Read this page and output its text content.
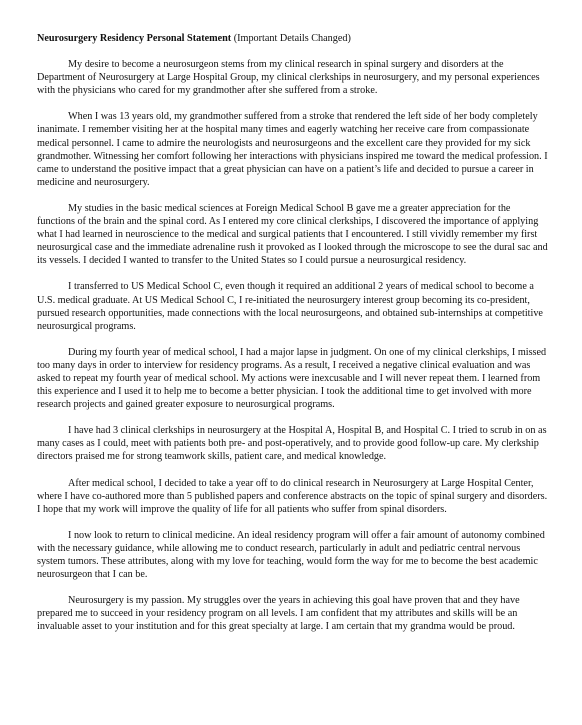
Neurosurgery Residency Personal Statement (Important Details Changed)

My desire to become a neurosurgeon stems from my clinical research in spinal surgery and disorders at the Department of Neurosurgery at Large Hospital Group, my clinical clerkships in neurosurgery, and my personal experiences with the physicians who cared for my grandmother after she suffered from a stroke.

When I was 13 years old, my grandmother suffered from a stroke that rendered the left side of her body completely inanimate. I remember visiting her at the hospital many times and eagerly watching her receive care from compassionate medical personnel. I came to admire the neurologists and neurosurgeons and the excellent care they provided for my sick grandmother. Witnessing her comfort following her interactions with physicians inspired me toward the medical profession. I came to understand the positive impact that a great physician can have on a patient’s life and decided to pursue a career in medicine and neurosurgery.

My studies in the basic medical sciences at Foreign Medical School B gave me a greater appreciation for the functions of the brain and the spinal cord. As I entered my core clinical clerkships, I discovered the importance of applying what I had learned in neuroscience to the medical and surgical patients that I encountered. I still vividly remember my first neurosurgical case and the immediate adrenaline rush it provoked as I looked through the microscope to see the dural sac and its vessels. I decided I wanted to transfer to the United States so I could pursue a neurosurgical residency.

I transferred to US Medical School C, even though it required an additional 2 years of medical school to become a U.S. medical graduate. At US Medical School C, I re-initiated the neurosurgery interest group becoming its co-president, pursued research opportunities, made connections with the local neurosurgeons, and obtained sub-internships at competitive neurosurgical programs.

During my fourth year of medical school, I had a major lapse in judgment. On one of my clinical clerkships, I missed too many days in order to interview for residency programs. As a result, I received a negative clinical evaluation and was asked to repeat my fourth year of medical school. My actions were inexcusable and I will never repeat them. I learned from this experience and I used it to help me to become a better physician. I took the additional time to get involved with more research projects and gained greater exposure to neurosurgical programs.

I have had 3 clinical clerkships in neurosurgery at the Hospital A, Hospital B, and Hospital C. I tried to scrub in on as many cases as I could, meet with patients both pre- and post-operatively, and to provide good follow-up care. My clerkship directors praised me for strong teamwork skills, patient care, and medical knowledge.

After medical school, I decided to take a year off to do clinical research in Neurosurgery at Large Hospital Center, where I have co-authored more than 5 published papers and conference abstracts on the topic of spinal surgery and disorders. I hope that my work will improve the quality of life for all patients who suffer from spinal disorders.

I now look to return to clinical medicine. An ideal residency program will offer a fair amount of autonomy combined with the necessary guidance, while allowing me to conduct research, particularly in adult and pediatric central nervous system tumors. These attributes, along with my love for teaching, would form the way for me to become the best academic neurosurgeon that I can be.

Neurosurgery is my passion. My struggles over the years in achieving this goal have proven that and they have prepared me to succeed in your residency program on all levels. I am confident that my attributes and skills will be an invaluable asset to your institution and for this great specialty at large. I am certain that my grandma would be proud.
